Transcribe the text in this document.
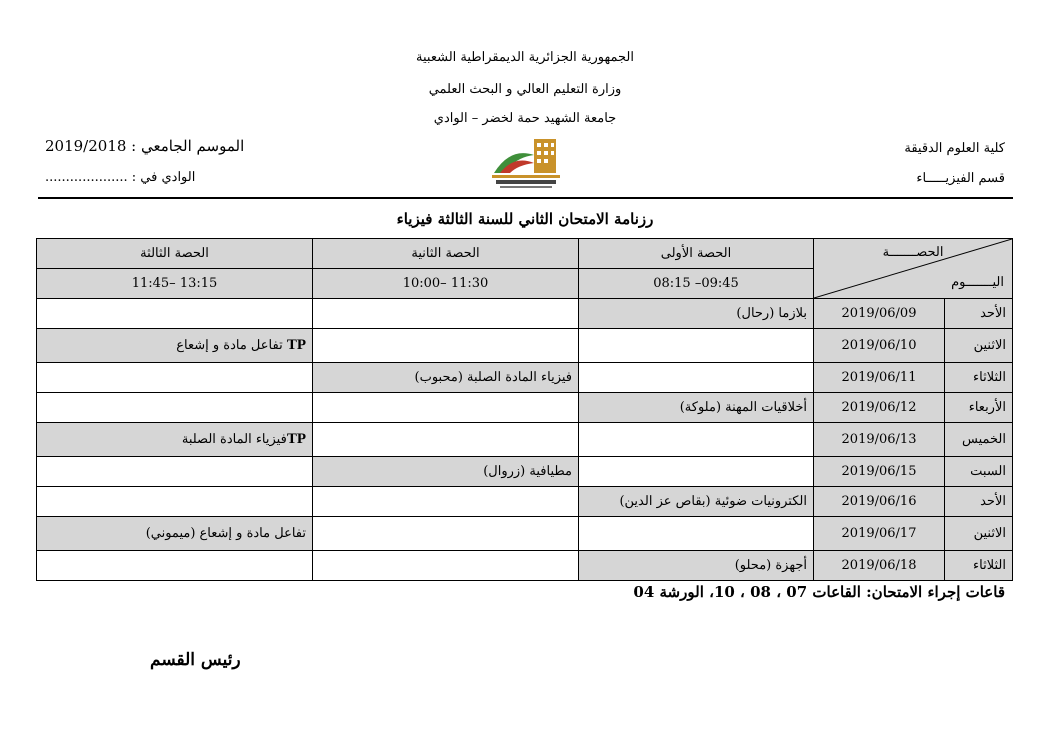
الجمهورية الجزائرية الديمقراطية الشعبية
وزارة التعليم العالي و البحث العلمي
جامعة الشهيد حمة لخضر – الوادي
كلية العلوم الدقيقة
قسم الفيزيـــــاء
الموسم الجامعي : 2019/2018
الوادي في : ....................
رزنامة الامتحان الثاني للسنة الثالثة فيزياء
الحصـــــــة
اليـــــــوم		الحصة الأولى	الحصة الثانية	الحصة الثالثة
		08:15 –09:45	10:00– 11:30	11:45– 13:15
الأحد	2019/06/09	بلازما (رحال)		
الاثنين	2019/06/10			TP تفاعل مادة و إشعاع
الثلاثاء	2019/06/11		فيزياء المادة الصلبة (محبوب)	
الأربعاء	2019/06/12	أخلاقيات المهنة (ملوكة)		
الخميس	2019/06/13			TPفيزياء المادة الصلبة
السبت	2019/06/15		مطيافية (زروال)	
الأحد	2019/06/16	الكترونيات ضوئية (بقاص عز الدين)		
الاثنين	2019/06/17			تفاعل مادة و إشعاع (ميموني)
الثلاثاء	2019/06/18	أجهزة (محلو)		
قاعات إجراء الامتحان: القاعات 07 ، 08 ، 10، الورشة 04
رئيس القسم
